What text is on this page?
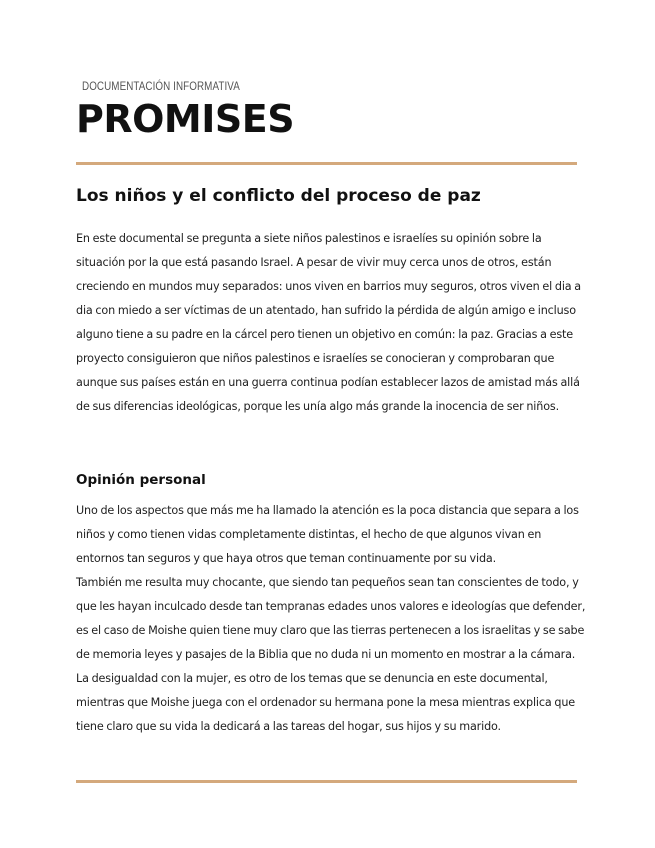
DOCUMENTACIÓN INFORMATIVA
PROMISES
Los niños y el conflicto del proceso de paz

En este documental se pregunta a siete niños palestinos e israelíes su opinión sobre la situación por la que está pasando Israel. A pesar de vivir muy cerca unos de otros, están creciendo en mundos muy separados: unos viven en barrios muy seguros, otros viven el dia a dia con miedo a ser víctimas de un atentado, han sufrido la pérdida de algún amigo e incluso alguno tiene a su padre en la cárcel pero tienen un objetivo en común: la paz. Gracias a este proyecto consiguieron que niños palestinos e israelíes se conocieran y comprobaran que aunque sus países están en una guerra continua podían establecer lazos de amistad más allá de sus diferencias ideológicas, porque les unía algo más grande la inocencia de ser niños.

Opinión personal

Uno de los aspectos que más me ha llamado la atención es la poca distancia que separa a los niños y como tienen vidas completamente distintas, el hecho de que algunos vivan en entornos tan seguros y que haya otros que teman continuamente por su vida.

También me resulta muy chocante, que siendo tan pequeños sean tan conscientes de todo, y que les hayan inculcado desde tan tempranas edades unos valores e ideologías que defender, es el caso de Moishe quien tiene muy claro que las tierras pertenecen a los israelitas y se sabe de memoria leyes y pasajes de la Biblia que no duda ni un momento en mostrar a la cámara.

La desigualdad con la mujer, es otro de los temas que se denuncia en este documental, mientras que Moishe juega con el ordenador su hermana pone la mesa mientras explica que tiene claro que su vida la dedicará a las tareas del hogar, sus hijos y su marido.
